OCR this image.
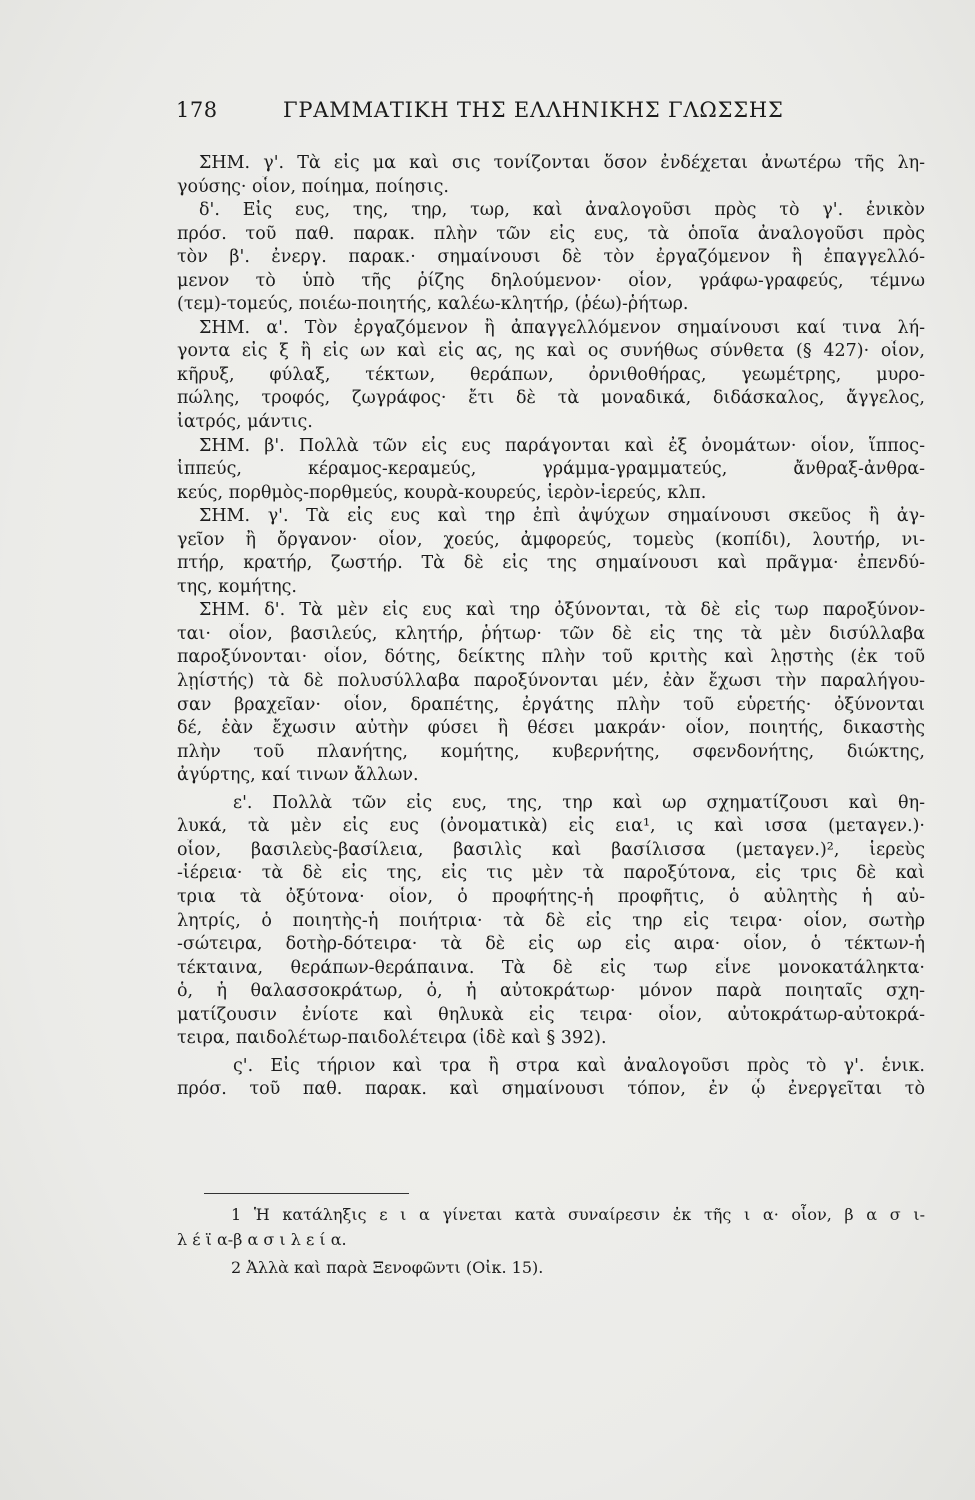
178	ΓΡΑΜΜΑΤΙΚΗ ΤΗΣ ΕΛΛΗΝΙΚΗΣ ΓΛΩΣΣΗΣ
ΣΗΜ. γ'. Τὰ εἰς μα καὶ σις τονίζονται ὅσον ἐνδέχεται ἀνωτέρω τῆς λη-
γούσης· οἷον, ποίημα, ποίησις.
δ'. Εἰς ευς, της, τηρ, τωρ, καὶ ἀναλογοῦσι πρὸς τὸ γ'. ἑνικὸν
πρόσ. τοῦ παθ. παρακ. πλὴν τῶν εἰς ευς, τὰ ὁποῖα ἀναλογοῦσι πρὸς
τὸν β'. ἐνεργ. παρακ.· σημαίνουσι δὲ τὸν ἐργαζόμενον ἢ ἐπαγγελλό-
μενον τὸ ὑπὸ τῆς ῥίζης δηλούμενον· οἷον, γράφω-γραφεύς, τέμνω
(τεμ)-τομεύς, ποιέω-ποιητής, καλέω-κλητήρ, (ῥέω)-ῥήτωρ.
ΣΗΜ. α'. Τὸν ἐργαζόμενον ἢ ἀπαγγελλόμενον σημαίνουσι καί τινα λή-
γοντα εἰς ξ ἢ εἰς ων καὶ εἰς ας, ης καὶ ος συνήθως σύνθετα (§ 427)· οἷον,
κῆρυξ, φύλαξ, τέκτων, θεράπων, ὀρνιθοθήρας, γεωμέτρης, μυρο-
πώλης, τροφός, ζωγράφος· ἔτι δὲ τὰ μοναδικά, διδάσκαλος, ἄγγελος,
ἰατρός, μάντις.
ΣΗΜ. β'. Πολλὰ τῶν εἰς ευς παράγονται καὶ ἐξ ὀνομάτων· οἷον, ἵππος-
ἱππεύς, κέραμος-κεραμεύς, γράμμα-γραμματεύς, ἄνθραξ-ἀνθρα-
κεύς, πορθμὸς-πορθμεύς, κουρὰ-κουρεύς, ἱερὸν-ἱερεύς, κλπ.
ΣΗΜ. γ'. Τὰ εἰς ευς καὶ τηρ ἐπὶ ἀψύχων σημαίνουσι σκεῦος ἢ ἀγ-
γεῖον ἢ ὄργανον· οἷον, χοεύς, ἀμφορεύς, τομεὺς (κοπίδι), λουτήρ, νι-
πτήρ, κρατήρ, ζωστήρ. Τὰ δὲ εἰς της σημαίνουσι καὶ πρᾶγμα· ἐπενδύ-
της, κομήτης.
ΣΗΜ. δ'. Τὰ μὲν εἰς ευς καὶ τηρ ὀξύνονται, τὰ δὲ εἰς τωρ παροξύνον-
ται· οἷον, βασιλεύς, κλητήρ, ῥήτωρ· τῶν δὲ εἰς της τὰ μὲν δισύλλαβα
παροξύνονται· οἷον, δότης, δείκτης πλὴν τοῦ κριτὴς καὶ λῃστὴς (ἐκ τοῦ
λῃίστής) τὰ δὲ πολυσύλλαβα παροξύνονται μέν, ἐὰν ἔχωσι τὴν παραλήγου-
σαν βραχεῖαν· οἷον, δραπέτης, ἐργάτης πλὴν τοῦ εὑρετής· ὀξύνονται
δέ, ἐὰν ἔχωσιν αὐτὴν φύσει ἢ θέσει μακράν· οἷον, ποιητής, δικαστὴς
πλὴν τοῦ πλανήτης, κομήτης, κυβερνήτης, σφενδονήτης, διώκτης,
ἀγύρτης, καί τινων ἄλλων.
ε'. Πολλὰ τῶν εἰς ευς, της, τηρ καὶ ωρ σχηματίζουσι καὶ θη-
λυκά, τὰ μὲν εἰς ευς (ὀνοματικὰ) εἰς εια¹, ις καὶ ισσα (μεταγεν.)·
οἷον, βασιλεὺς-βασίλεια, βασιλὶς καὶ βασίλισσα (μεταγεν.)², ἱερεὺς
-ἱέρεια· τὰ δὲ εἰς της, εἰς τις μὲν τὰ παροξύτονα, εἰς τρις δὲ καὶ
τρια τὰ ὀξύτονα· οἷον, ὁ προφήτης-ἡ προφῆτις, ὁ αὐλητὴς ἡ αὐ-
λητρίς, ὁ ποιητὴς-ἡ ποιήτρια· τὰ δὲ εἰς τηρ εἰς τειρα· οἷον, σωτὴρ
-σώτειρα, δοτὴρ-δότειρα· τὰ δὲ εἰς ωρ εἰς αιρα· οἷον, ὁ τέκτων-ἡ
τέκταινα, θεράπων-θεράπαινα. Τὰ δὲ εἰς τωρ εἶνε μονοκατάληκτα·
ὁ, ἡ θαλασσοκράτωρ, ὁ, ἡ αὐτοκράτωρ· μόνον παρὰ ποιηταῖς σχη-
ματίζουσιν ἐνίοτε καὶ θηλυκὰ εἰς τειρα· οἷον, αὐτοκράτωρ-αὐτοκρά-
τειρα, παιδολέτωρ-παιδολέτειρα (ἰδὲ καὶ § 392).
ς'. Εἰς τήριον καὶ τρα ἢ στρα καὶ ἀναλογοῦσι πρὸς τὸ γ'. ἑνικ.
πρόσ. τοῦ παθ. παρακ. καὶ σημαίνουσι τόπον, ἐν ᾧ ἐνεργεῖται τὸ
1 Ἡ κατάληξις ε ι α γίνεται κατὰ συναίρεσιν ἐκ τῆς ι α· οἷον, β α σ ι-
λ έ ϊ α-β α σ ι λ ε ί α.
2 Ἀλλὰ καὶ παρὰ Ξενοφῶντι (Οἰκ. 15).
